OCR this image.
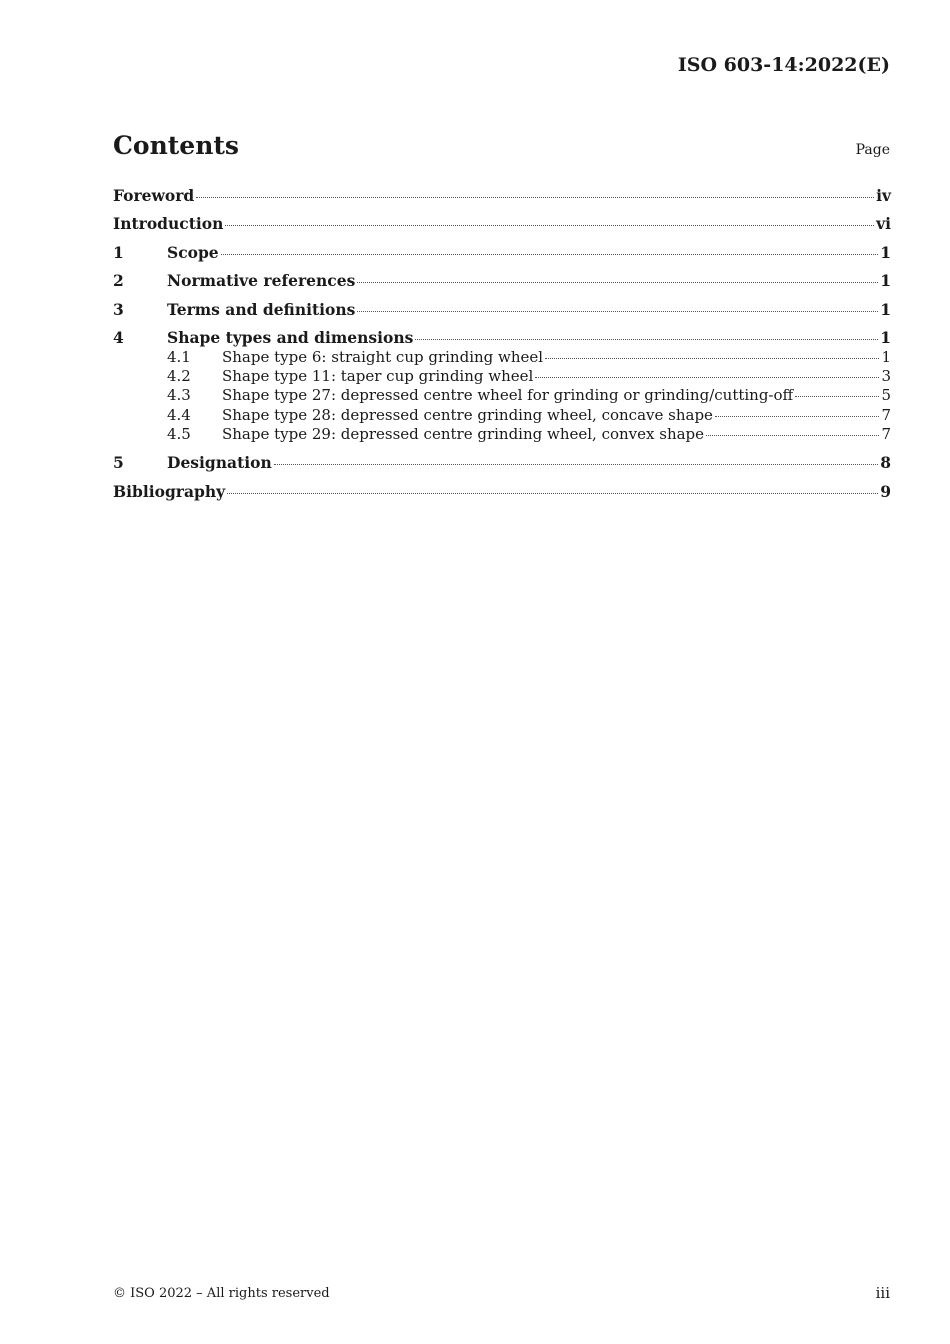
ISO 603-14:2022(E)
Contents	Page
Foreword	iv
Introduction	vi
1	Scope	1
2	Normative references	1
3	Terms and definitions	1
4	Shape types and dimensions	1
4.1	Shape type 6: straight cup grinding wheel	1
4.2	Shape type 11: taper cup grinding wheel	3
4.3	Shape type 27: depressed centre wheel for grinding or grinding/cutting-off	5
4.4	Shape type 28: depressed centre grinding wheel, concave shape	7
4.5	Shape type 29: depressed centre grinding wheel, convex shape	7
5	Designation	8
Bibliography	9
© ISO 2022 – All rights reserved	iii
